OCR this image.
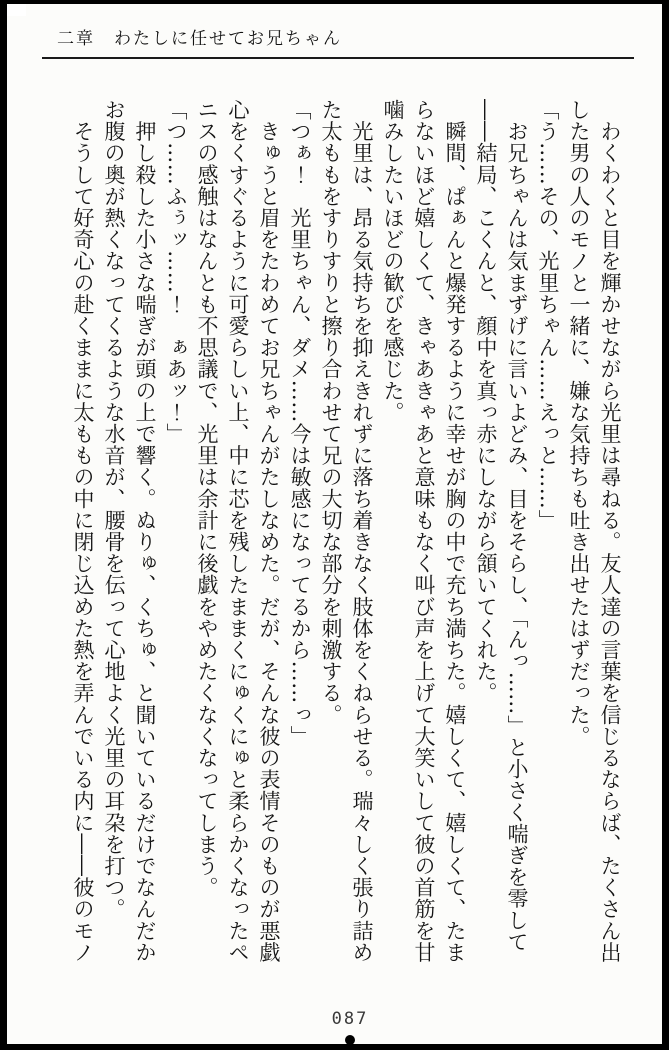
二章　わたしに任せてお兄ちゃん

　わくわくと目を輝かせながら光里は尋ねる。友人達の言葉を信じるならば、たくさん出した男の人のモノと一緒に、嫌な気持ちも吐き出せたはずだった。

「う……その、光里ちゃん……えっと……」

　お兄ちゃんは気まずげに言いよどみ、目をそらし、「んっ……」と小さく喘ぎを零して――結局、こくんと、顔中を真っ赤にしながら頷いてくれた。

　瞬間、ぱぁんと爆発するように幸せが胸の中で充ち満ちた。嬉しくて、嬉しくて、たまらないほど嬉しくて、きゃあきゃあと意味もなく叫び声を上げて大笑いして彼の首筋を甘噛みしたいほどの歓びを感じた。

　光里は、昂る気持ちを抑えきれずに落ち着きなく肢体をくねらせる。瑞々しく張り詰めた太ももをすりすりと擦り合わせて兄の大切な部分を刺激する。

「つぁ！　光里ちゃん、ダメ……今は敏感になってるから……っ」

　きゅうと眉をたわめてお兄ちゃんがたしなめた。だが、そんな彼の表情そのものが悪戯心をくすぐるように可愛らしい上、中に芯を残したままくにゅくにゅと柔らかくなったペニスの感触はなんとも不思議で、光里は余計に後戯をやめたくなくなってしまう。

「つ……ふぅッ……！　ぁあッ！」

　押し殺した小さな喘ぎが頭の上で響く。ぬりゅ、くちゅ、と聞いているだけでなんだかお腹の奥が熱くなってくるような水音が、腰骨を伝って心地よく光里の耳朶を打つ。

　そうして好奇心の赴くままに太ももの中に閉じ込めた熱を弄んでいる内に――彼のモノ

087
